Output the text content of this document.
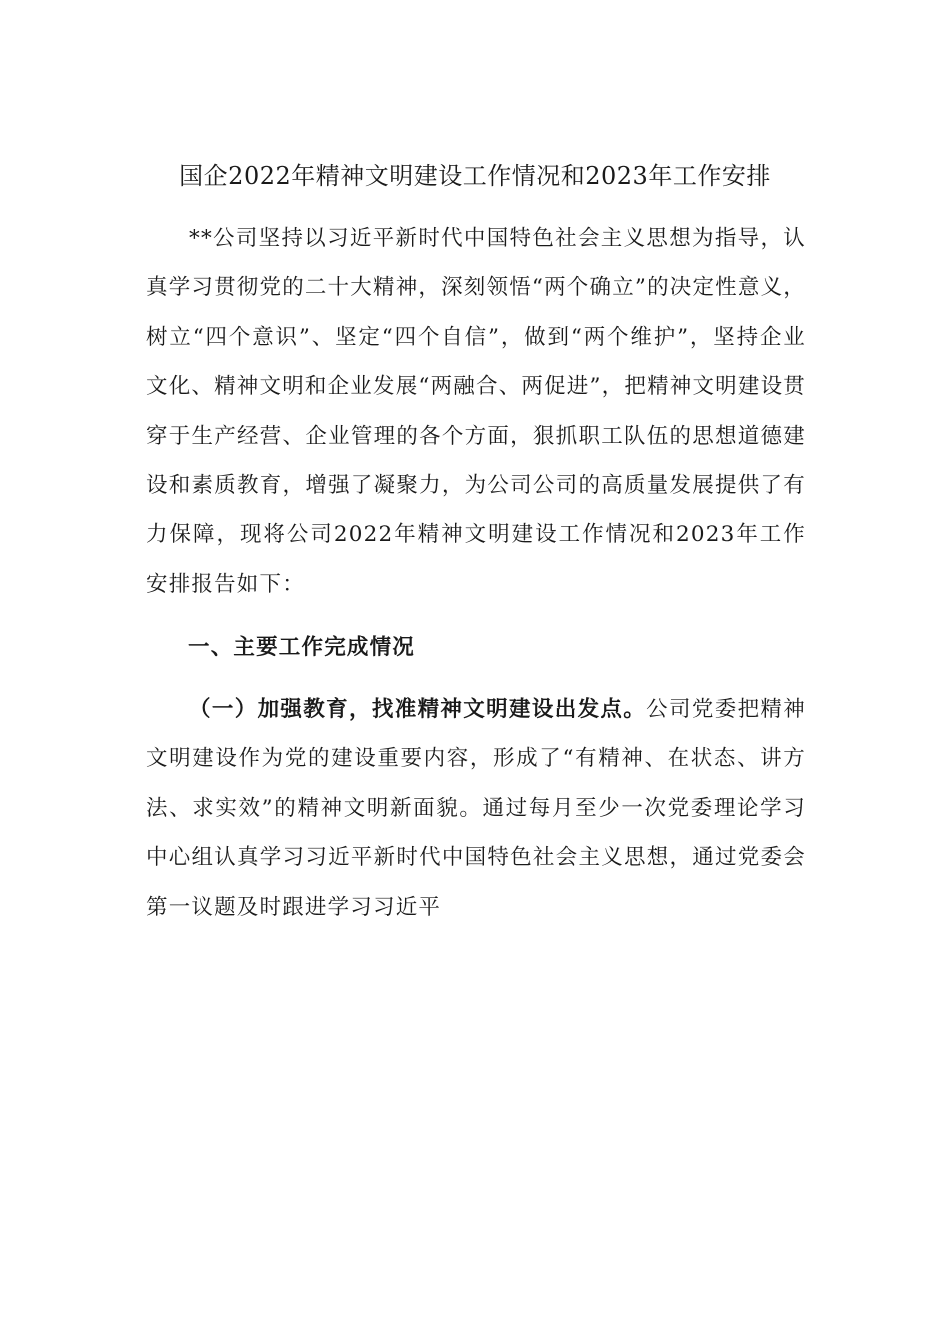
国企2022年精神文明建设工作情况和2023年工作安排

**公司坚持以习近平新时代中国特色社会主义思想为指导，认真学习贯彻党的二十大精神，深刻领悟“两个确立”的决定性意义，树立“四个意识”、坚定“四个自信”，做到“两个维护”，坚持企业文化、精神文明和企业发展“两融合、两促进”，把精神文明建设贯穿于生产经营、企业管理的各个方面，狠抓职工队伍的思想道德建设和素质教育，增强了凝聚力，为公司公司的高质量发展提供了有力保障，现将公司2022年精神文明建设工作情况和2023年工作安排报告如下：

一、主要工作完成情况

（一）加强教育，找准精神文明建设出发点。公司党委把精神文明建设作为党的建设重要内容，形成了“有精神、在状态、讲方法、求实效”的精神文明新面貌。通过每月至少一次党委理论学习中心组认真学习习近平新时代中国特色社会主义思想，通过党委会第一议题及时跟进学习习近平
